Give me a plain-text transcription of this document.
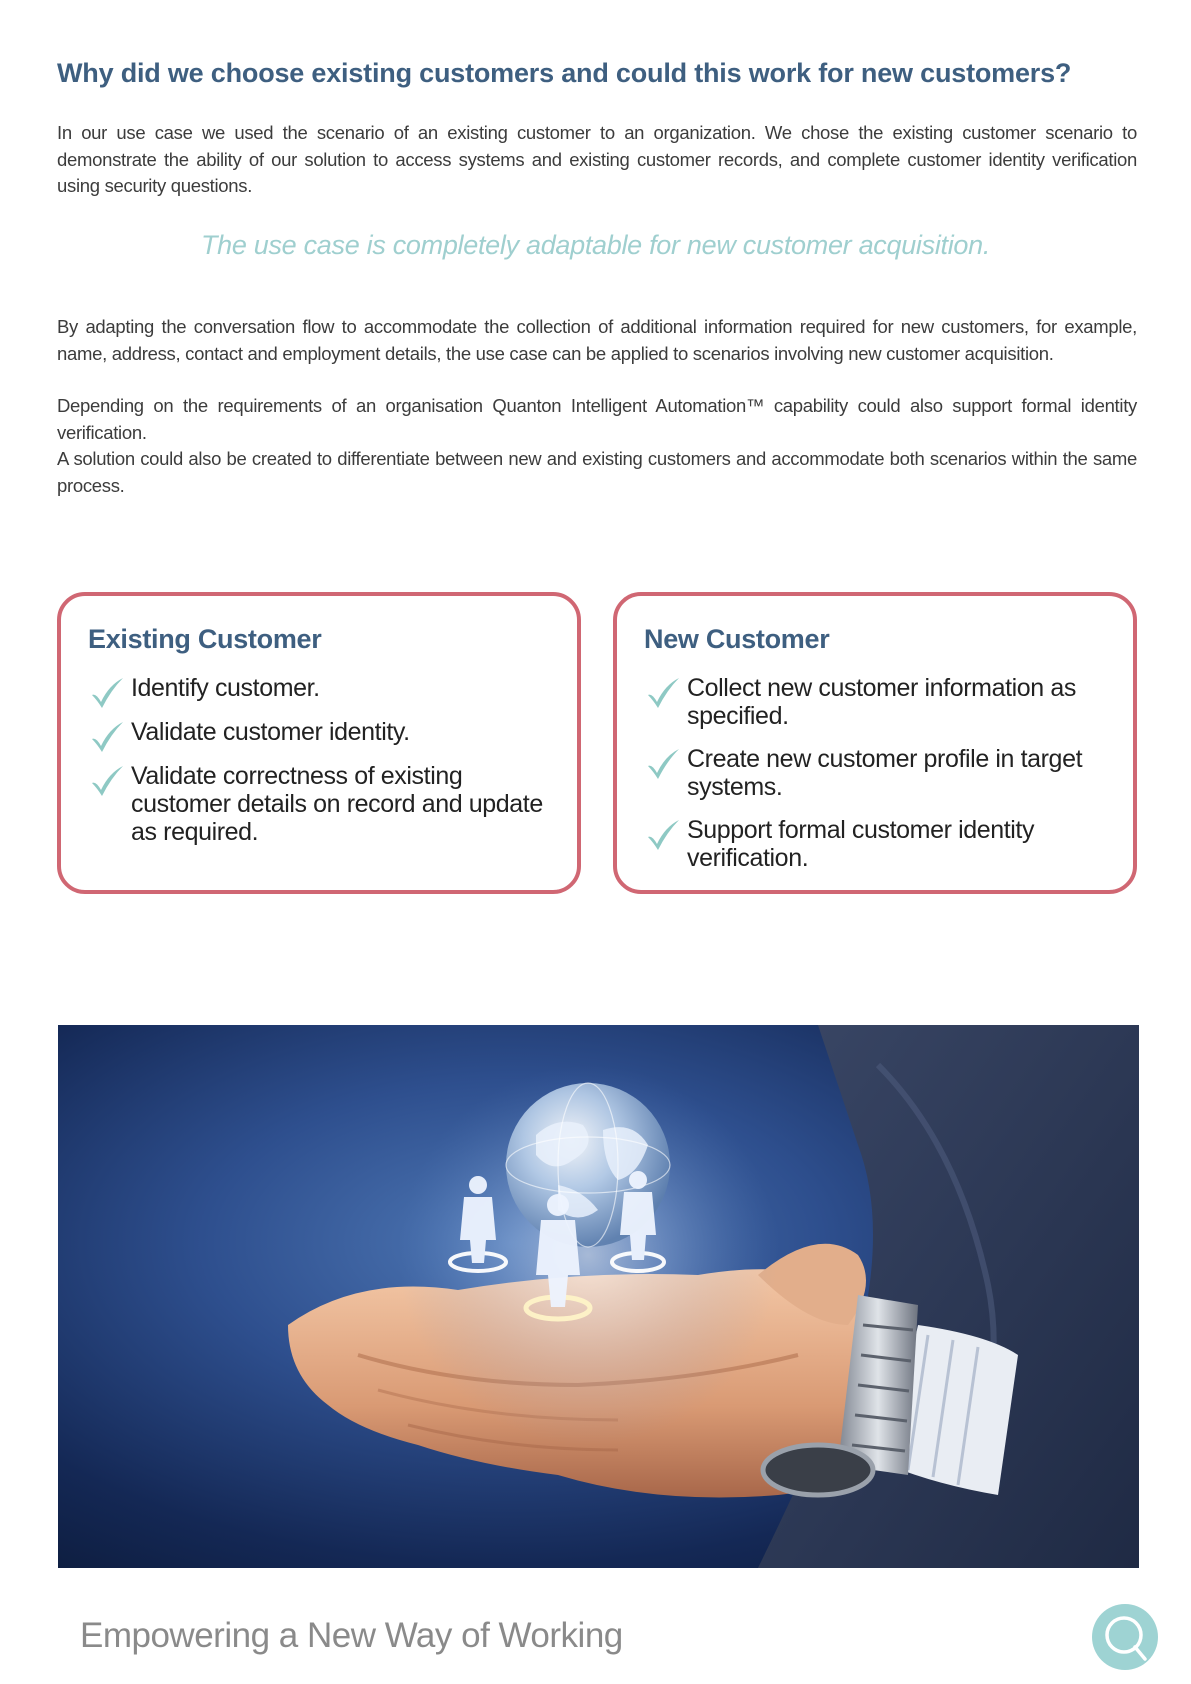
Why did we choose existing customers and could this work for new customers?

In our use case we used the scenario of an existing customer to an organization. We chose the existing customer scenario to demonstrate the ability of our solution to access systems and existing customer records, and complete customer identity verification using security questions.

The use case is completely adaptable for new customer acquisition.

By adapting the conversation flow to accommodate the collection of additional information required for new customers, for example, name, address, contact and employment details, the use case can be applied to scenarios involving new customer acquisition.

Depending on the requirements of an organisation Quanton Intelligent Automation™ capability could also support formal identity verification.

A solution could also be created to differentiate between new and existing customers and accommodate both scenarios within the same process.

Existing Customer
Identify customer.
Validate customer identity.
Validate correctness of existing customer details on record and update as required.
New Customer
Collect new customer information as specified.
Create new customer profile in target systems.
Support formal customer identity verification.
Empowering a New Way of Working
